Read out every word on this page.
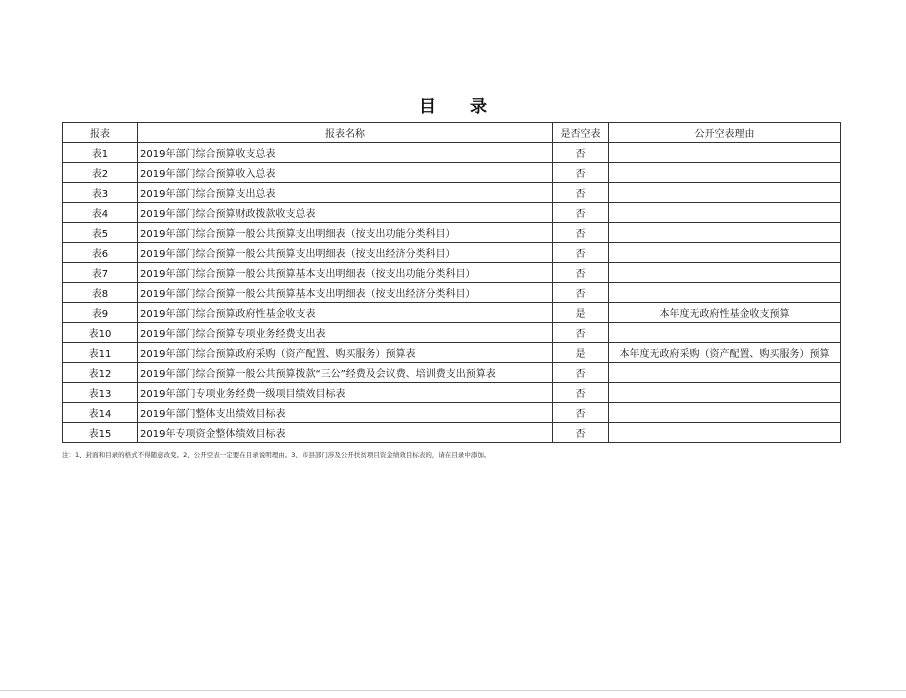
目 录
报表	报表名称	是否空表	公开空表理由
表1	2019年部门综合预算收支总表	否	
表2	2019年部门综合预算收入总表	否	
表3	2019年部门综合预算支出总表	否	
表4	2019年部门综合预算财政拨款收支总表	否	
表5	2019年部门综合预算一般公共预算支出明细表（按支出功能分类科目）	否	
表6	2019年部门综合预算一般公共预算支出明细表（按支出经济分类科目）	否	
表7	2019年部门综合预算一般公共预算基本支出明细表（按支出功能分类科目）	否	
表8	2019年部门综合预算一般公共预算基本支出明细表（按支出经济分类科目）	否	
表9	2019年部门综合预算政府性基金收支表	是	本年度无政府性基金收支预算
表10	2019年部门综合预算专项业务经费支出表	否	
表11	2019年部门综合预算政府采购（资产配置、购买服务）预算表	是	本年度无政府采购（资产配置、购买服务）预算
表12	2019年部门综合预算一般公共预算拨款“三公”经费及会议费、培训费支出预算表	否	
表13	2019年部门专项业务经费一级项目绩效目标表	否	
表14	2019年部门整体支出绩效目标表	否	
表15	2019年专项资金整体绩效目标表	否	
注：1、封面和目录的格式不得随意改变。2、公开空表一定要在目录说明理由。3、市县部门涉及公开扶贫项目资金绩效目标表的，请在目录中添加。
